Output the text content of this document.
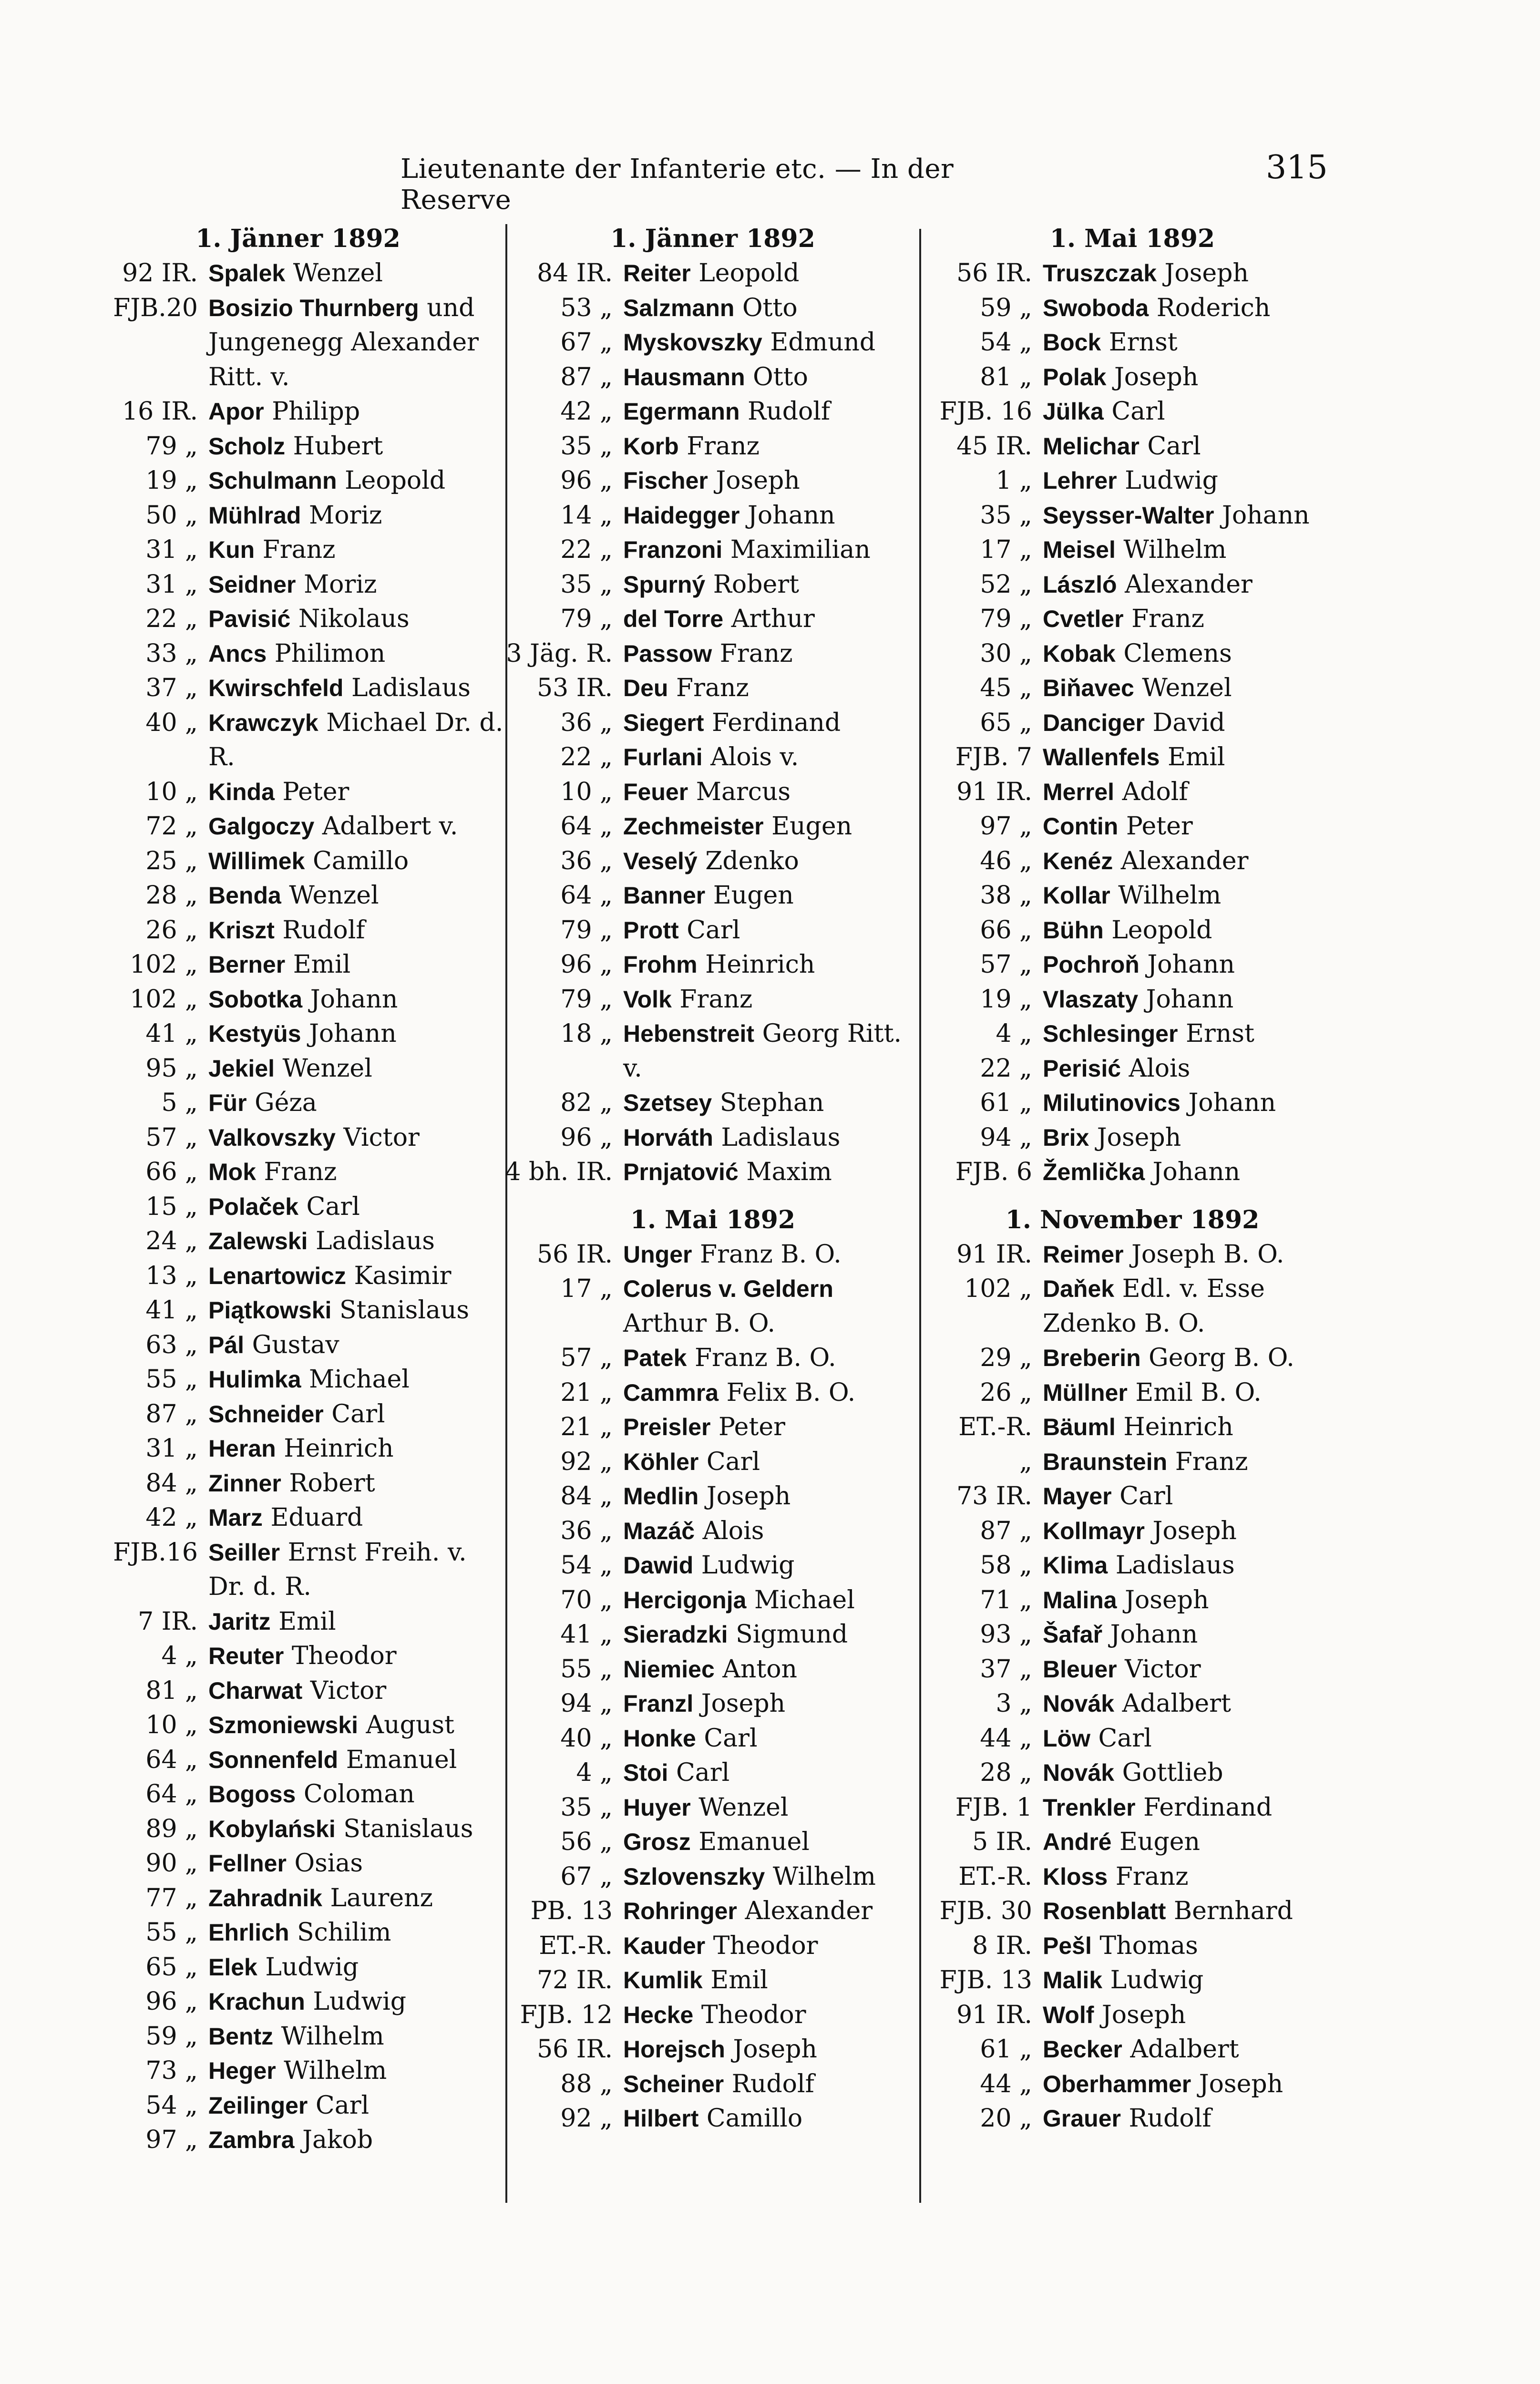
Lieutenante der Infanterie etc. — In der Reserve
315
1. Jänner 1892
92 IR. Spalek Wenzel
FJB.20 Bosizio Thurnberg und Jungenegg Alexander Ritt. v.
16 IR. Apor Philipp
79 „ Scholz Hubert
19 „ Schulmann Leopold
50 „ Mühlrad Moriz
31 „ Kun Franz
31 „ Seidner Moriz
22 „ Pavisić Nikolaus
33 „ Ancs Philimon
37 „ Kwirschfeld Ladislaus
40 „ Krawczyk Michael Dr. d. R.
10 „ Kinda Peter
72 „ Galgoczy Adalbert v.
25 „ Willimek Camillo
28 „ Benda Wenzel
26 „ Kriszt Rudolf
102 „ Berner Emil
102 „ Sobotka Johann
41 „ Kestyüs Johann
95 „ Jekiel Wenzel
5 „ Für Géza
57 „ Valkovszky Victor
66 „ Mok Franz
15 „ Polaček Carl
24 „ Zalewski Ladislaus
13 „ Lenartowicz Kasimir
41 „ Piątkowski Stanislaus
63 „ Pál Gustav
55 „ Hulimka Michael
87 „ Schneider Carl
31 „ Heran Heinrich
84 „ Zinner Robert
42 „ Marz Eduard
FJB.16 Seiller Ernst Freih. v. Dr. d. R.
7 IR. Jaritz Emil
4 „ Reuter Theodor
81 „ Charwat Victor
10 „ Szmoniewski August
64 „ Sonnenfeld Emanuel
64 „ Bogoss Coloman
89 „ Kobylański Stanislaus
90 „ Fellner Osias
77 „ Zahradnik Laurenz
55 „ Ehrlich Schilim
65 „ Elek Ludwig
96 „ Krachun Ludwig
59 „ Bentz Wilhelm
73 „ Heger Wilhelm
54 „ Zeilinger Carl
97 „ Zambra Jakob
1. Jänner 1892
84 IR. Reiter Leopold
53 „ Salzmann Otto
67 „ Myskovszky Edmund
87 „ Hausmann Otto
42 „ Egermann Rudolf
35 „ Korb Franz
96 „ Fischer Joseph
14 „ Haidegger Johann
22 „ Franzoni Maximilian
35 „ Spurný Robert
79 „ del Torre Arthur
3 Jäg. R. Passow Franz
53 IR. Deu Franz
36 „ Siegert Ferdinand
22 „ Furlani Alois v.
10 „ Feuer Marcus
64 „ Zechmeister Eugen
36 „ Veselý Zdenko
64 „ Banner Eugen
79 „ Prott Carl
96 „ Frohm Heinrich
79 „ Volk Franz
18 „ Hebenstreit Georg Ritt. v.
82 „ Szetsey Stephan
96 „ Horváth Ladislaus
4 bh. IR. Prnjatović Maxim
1. Mai 1892
56 IR. Unger Franz B. O.
17 „ Colerus v. Geldern Arthur B. O.
57 „ Patek Franz B. O.
21 „ Cammra Felix B. O.
21 „ Preisler Peter
92 „ Köhler Carl
84 „ Medlin Joseph
36 „ Mazáč Alois
54 „ Dawid Ludwig
70 „ Hercigonja Michael
41 „ Sieradzki Sigmund
55 „ Niemiec Anton
94 „ Franzl Joseph
40 „ Honke Carl
4 „ Stoi Carl
35 „ Huyer Wenzel
56 „ Grosz Emanuel
67 „ Szlovenszky Wilhelm
PB. 13 Rohringer Alexander
ET.-R. Kauder Theodor
72 IR. Kumlik Emil
FJB. 12 Hecke Theodor
56 IR. Horejsch Joseph
88 „ Scheiner Rudolf
92 „ Hilbert Camillo
1. Mai 1892
56 IR. Truszczak Joseph
59 „ Swoboda Roderich
54 „ Bock Ernst
81 „ Polak Joseph
FJB. 16 Jülka Carl
45 IR. Melichar Carl
1 „ Lehrer Ludwig
35 „ Seysser-Walter Johann
17 „ Meisel Wilhelm
52 „ László Alexander
79 „ Cvetler Franz
30 „ Kobak Clemens
45 „ Biňavec Wenzel
65 „ Danciger David
FJB. 7 Wallenfels Emil
91 IR. Merrel Adolf
97 „ Contin Peter
46 „ Kenéz Alexander
38 „ Kollar Wilhelm
66 „ Bühn Leopold
57 „ Pochroň Johann
19 „ Vlaszaty Johann
4 „ Schlesinger Ernst
22 „ Perisić Alois
61 „ Milutinovics Johann
94 „ Brix Joseph
FJB. 6 Žemlička Johann
1. November 1892
91 IR. Reimer Joseph B. O.
102 „ Daňek Edl. v. Esse Zdenko B. O.
29 „ Breberin Georg B. O.
26 „ Müllner Emil B. O.
ET.-R. Bäuml Heinrich
„ Braunstein Franz
73 IR. Mayer Carl
87 „ Kollmayr Joseph
58 „ Klima Ladislaus
71 „ Malina Joseph
93 „ Šafař Johann
37 „ Bleuer Victor
3 „ Novák Adalbert
44 „ Löw Carl
28 „ Novák Gottlieb
FJB. 1 Trenkler Ferdinand
5 IR. André Eugen
ET.-R. Kloss Franz
FJB. 30 Rosenblatt Bernhard
8 IR. Pešl Thomas
FJB. 13 Malik Ludwig
91 IR. Wolf Joseph
61 „ Becker Adalbert
44 „ Oberhammer Joseph
20 „ Grauer Rudolf
